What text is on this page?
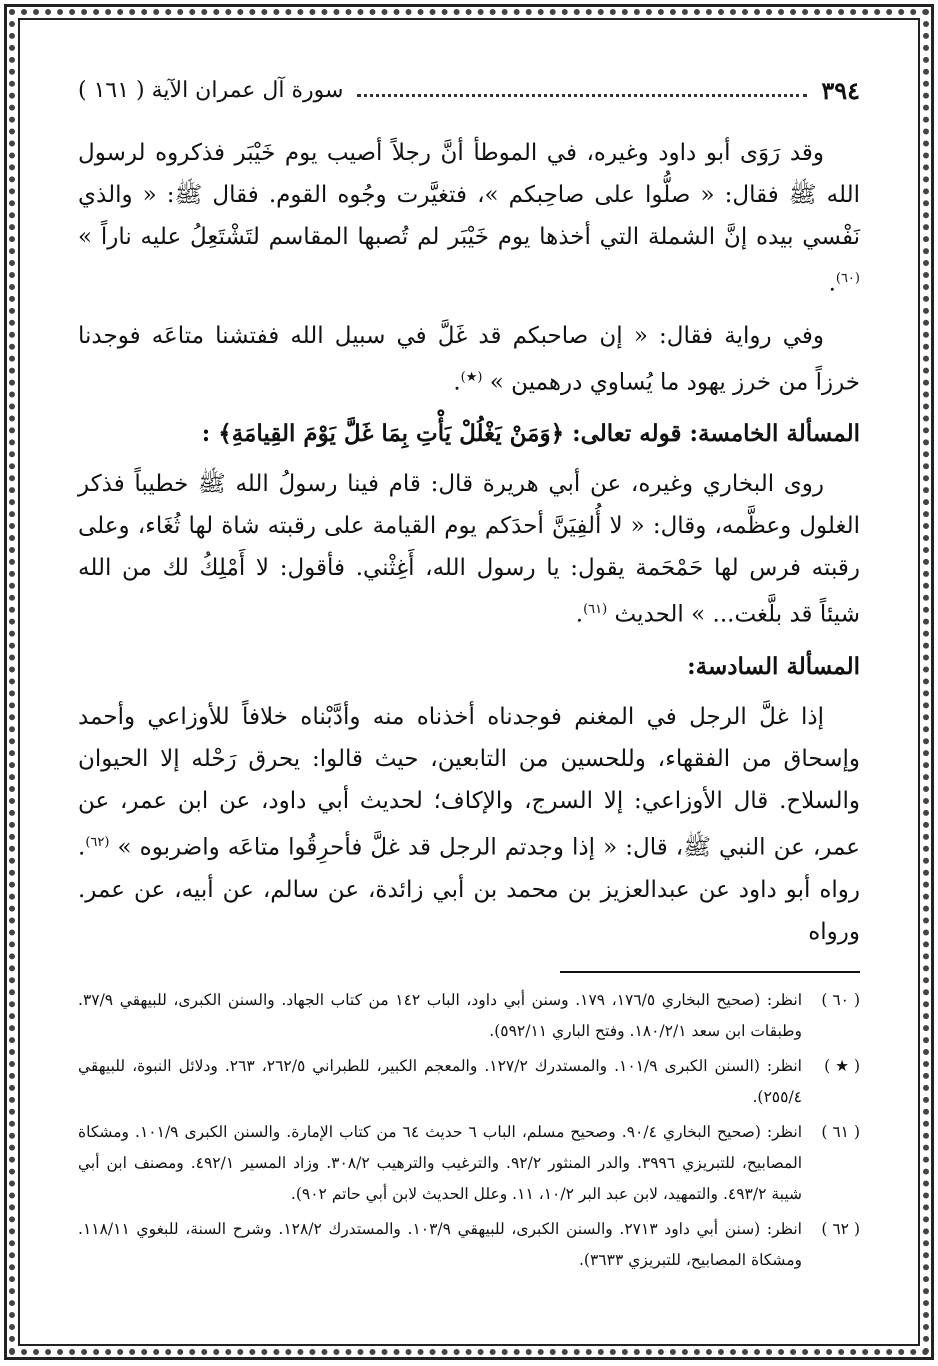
٣٩٤
سورة آل عمران الآية ( ١٦١ )

وقد رَوَى أبو داود وغيره، في الموطأ أنَّ رجلاً أصيب يوم خَيْبَر فذكروه لرسول الله ﷺ فقال: « صلُّوا على صاحِبكم »، فتغيَّرت وجُوه القوم. فقال ﷺ: « والذي نَفْسي بيده إنَّ الشملة التي أخذها يوم خَيْبَر لم تُصبها المقاسم لتَشْتَعِلُ عليه ناراً » $^{(٦٠)}$.

وفي رواية فقال: « إن صاحبكم قد غَلَّ في سبيل الله ففتشنا متاعَه فوجدنا خرزاً من خرز يهود ما يُساوي درهمين » (★).

المسألة الخامسة: قوله تعالى: ﴿وَمَنْ يَغْلُلْ يَأْتِ بِمَا غَلَّ يَوْمَ القِيامَةِ﴾ :

روى البخاري وغيره، عن أبي هريرة قال: قام فينا رسولُ الله ﷺ خطيباً فذكر الغلول وعظَّمه، وقال: « لا أُلفِيَنَّ أحدَكم يوم القيامة على رقبته شاة لها ثُغَاء، وعلى رقبته فرس لها حَمْحَمة يقول: يا رسول الله، أَغِثْني. فأقول: لا أَمْلِكُ لك من الله شيئاً قد بلَّغت... » الحديث $^{(٦١)}$.

المسألة السادسة:

إذا غلَّ الرجل في المغنم فوجدناه أخذناه منه وأدَّبْناه خلافاً للأوزاعي وأحمد وإسحاق من الفقهاء، وللحسين من التابعين، حيث قالوا: يحرق رَحْله إلا الحيوان والسلاح. قال الأوزاعي: إلا السرج، والإكاف؛ لحديث أبي داود، عن ابن عمر، عن عمر، عن النبي ﷺ، قال: « إذا وجدتم الرجل قد غلَّ فأحرِقُوا متاعَه واضربوه » $^{(٦٢)}$. رواه أبو داود عن عبدالعزيز بن محمد بن أبي زائدة، عن سالم، عن أبيه، عن عمر. ورواه

( ٦٠ )
انظر: (صحيح البخاري ١٧٦/٥، ١٧٩. وسنن أبي داود، الباب ١٤٢ من كتاب الجهاد. والسنن الكبرى، للبيهقي ٣٧/٩. وطبقات ابن سعد ١٨٠/٢/١. وفتح الباري ٥٩٢/١١).
( ★ )
انظر: (السنن الكبرى ١٠١/٩. والمستدرك ١٢٧/٢. والمعجم الكبير، للطبراني ٢٦٢/٥، ٢٦٣. ودلائل النبوة، للبيهقي ٢٥٥/٤).
( ٦١ )
انظر: (صحيح البخاري ٩٠/٤. وصحيح مسلم، الباب ٦ حديث ٦٤ من كتاب الإمارة. والسنن الكبرى ١٠١/٩. ومشكاة المصابيح، للتبريزي ٣٩٩٦. والدر المنثور ٩٢/٢. والترغيب والترهيب ٣٠٨/٢. وزاد المسير ٤٩٢/١. ومصنف ابن أبي شيبة ٤٩٣/٢. والتمهيد، لابن عبد البر ١٠/٢، ١١. وعلل الحديث لابن أبي حاتم ٩٠٢).
( ٦٢ )
انظر: (سنن أبي داود ٢٧١٣. والسنن الكبرى، للبيهقي ١٠٣/٩. والمستدرك ١٢٨/٢. وشرح السنة، للبغوي ١١٨/١١. ومشكاة المصابيح، للتبريزي ٣٦٣٣).
